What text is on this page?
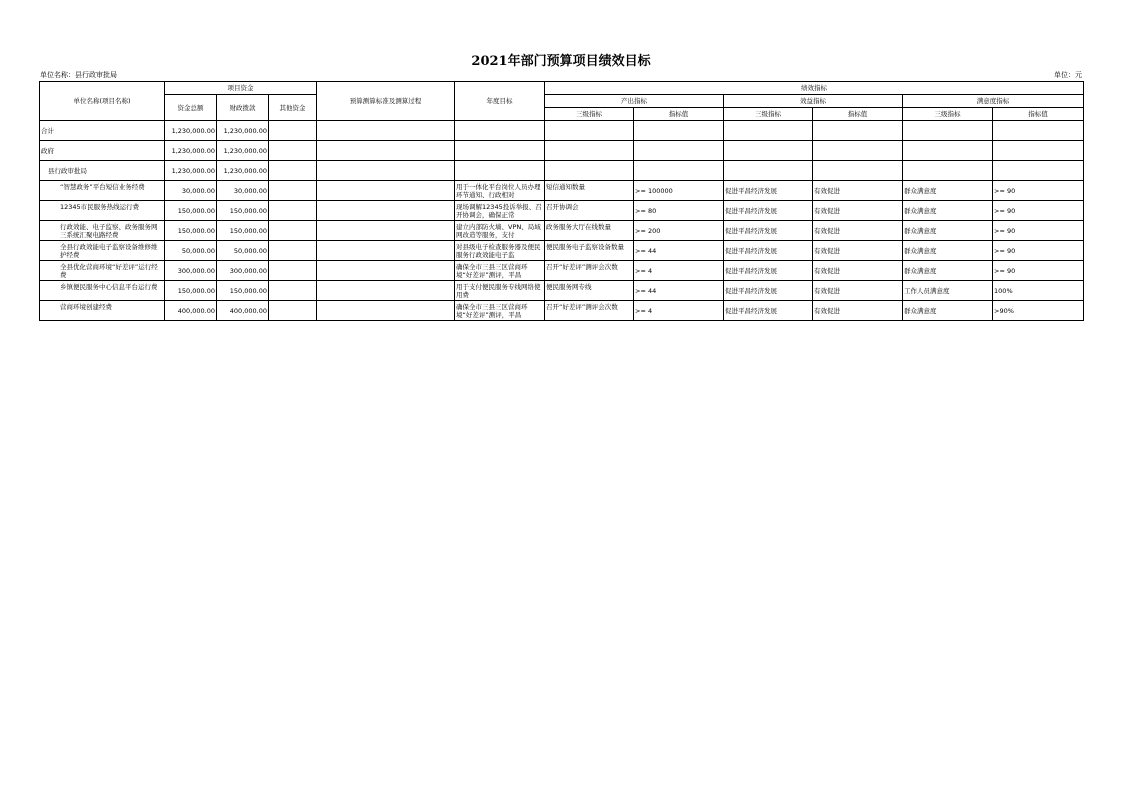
2021年部门预算项目绩效目标
单位名称：县行政审批局	单位：元
单位名称(项目名称)	项目资金			预算测算标准及测算过程	年度目标	绩效指标					
	资金总额	财政拨款	其他资金			产出指标		效益指标		满意度指标	
						三级指标	指标值	三级指标	指标值	三级指标	指标值
合计	1,230,000.00	1,230,000.00									
政府	1,230,000.00	1,230,000.00									
县行政审批局	1,230,000.00	1,230,000.00									

“智慧政务”平台短信业务经费	30,000.00	30,000.00			用于一体化平台岗位人员办理环节通知、行政相对	短信通知数量	>= 100000	促进平昌经济发展	有效促进	群众满意度	>= 90

12345市民服务热线运行费	150,000.00	150,000.00			现场调解12345投诉举报、召开协调会，确保正常	召开协调会	>= 80	促进平昌经济发展	有效促进	群众满意度	>= 90

行政效能、电子监察、政务服务网三系统汇聚电路经费	150,000.00	150,000.00			建立内部防火墙、VPN、局域网改造等服务，支付	政务服务大厅在线数量	>= 200	促进平昌经济发展	有效促进	群众满意度	>= 90

全县行政效能电子监察设备维修维护经费	50,000.00	50,000.00			对县级电子检查服务器及便民服务行政效能电子监	便民服务电子监察设备数量	>= 44	促进平昌经济发展	有效促进	群众满意度	>= 90

全县优化营商环境“好差评”运行经费	300,000.00	300,000.00			确保全市三县三区营商环境“好差评”测评，平昌	召开“好差评”测评会次数	>= 4	促进平昌经济发展	有效促进	群众满意度	>= 90

乡镇便民服务中心信息平台运行费	150,000.00	150,000.00			用于支付便民服务专线网络使用费	便民服务网专线	>= 44	促进平昌经济发展	有效促进	工作人员满意度	100%

营商环境创建经费	400,000.00	400,000.00			确保全市三县三区营商环境“好差评”测评，平昌	召开“好差评”测评会次数	>= 4	促进平昌经济发展	有效促进	群众满意度	>90%
